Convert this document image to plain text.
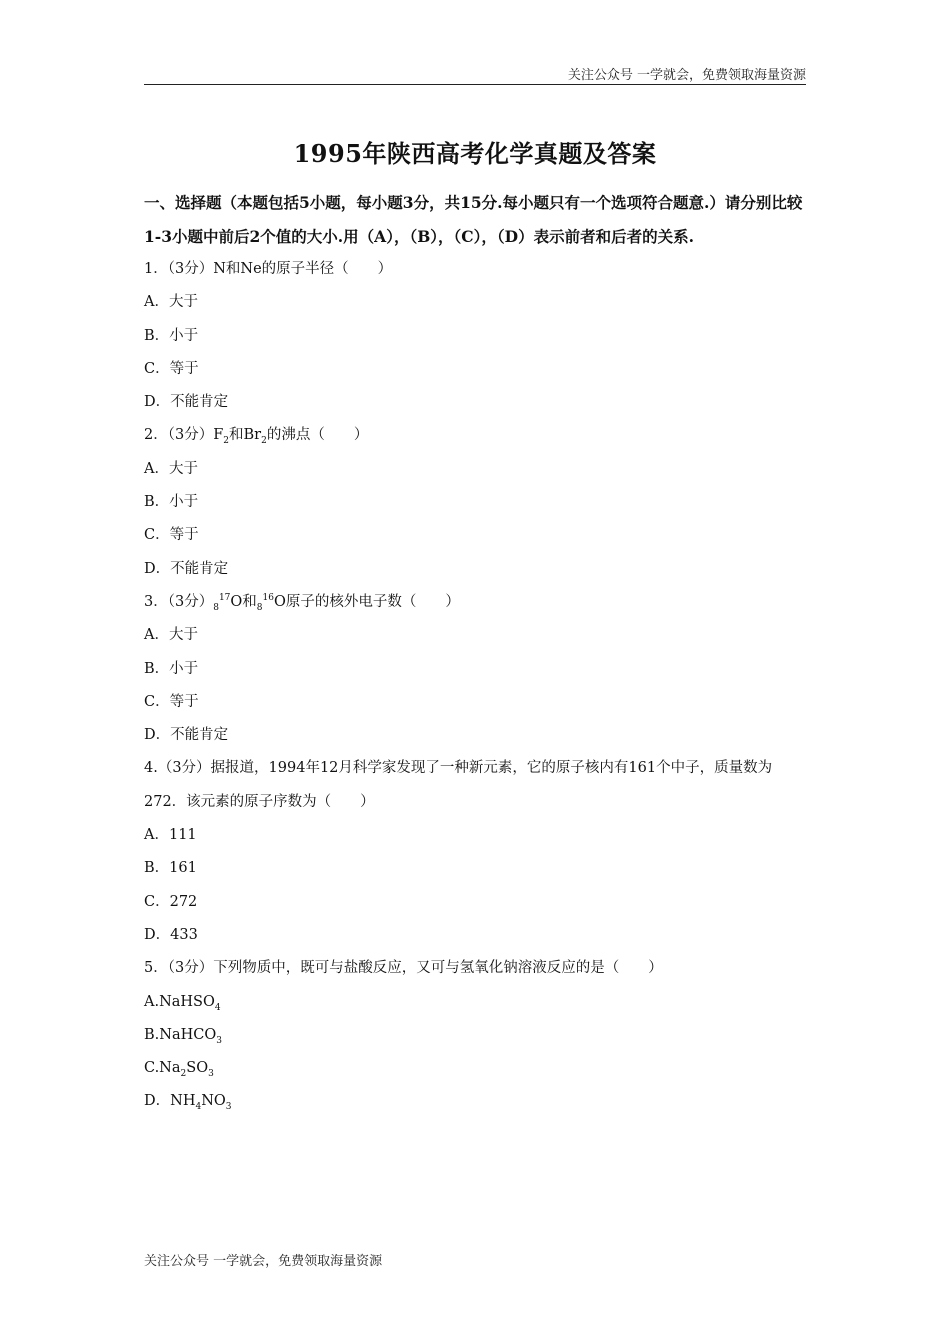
关注公众号 一学就会，免费领取海量资源
1995年陕西高考化学真题及答案
一、选择题（本题包括5小题，每小题3分，共15分.每小题只有一个选项符合题意.）请分别比较1-3小题中前后2个值的大小.用（A），（B），（C），（D）表示前者和后者的关系.
1．（3分）N和Ne的原子半径（　　）
A．大于
B．小于
C．等于
D．不能肯定
2．（3分）$F_2$和$Br_2$的沸点（　　）
A．大于
B．小于
C．等于
D．不能肯定
3．（3分）$_8^{17}O$和$_8^{16}$O原子的核外电子数（　　）
A．大于
B．小于
C．等于
D．不能肯定
4.（3分）据报道，1994年12月科学家发现了一种新元素，它的原子核内有161个中子，质量数为272．该元素的原子序数为（　　）
A．111
B．161
C．272
D．433
5．（3分）下列物质中，既可与盐酸反应，又可与氢氧化钠溶液反应的是（　　）
A.NaHSO$_4$
B.NaHCO$_3$
$C.Na_2SO_3$
D．$NH_4NO_3$
关注公众号 一学就会，免费领取海量资源
